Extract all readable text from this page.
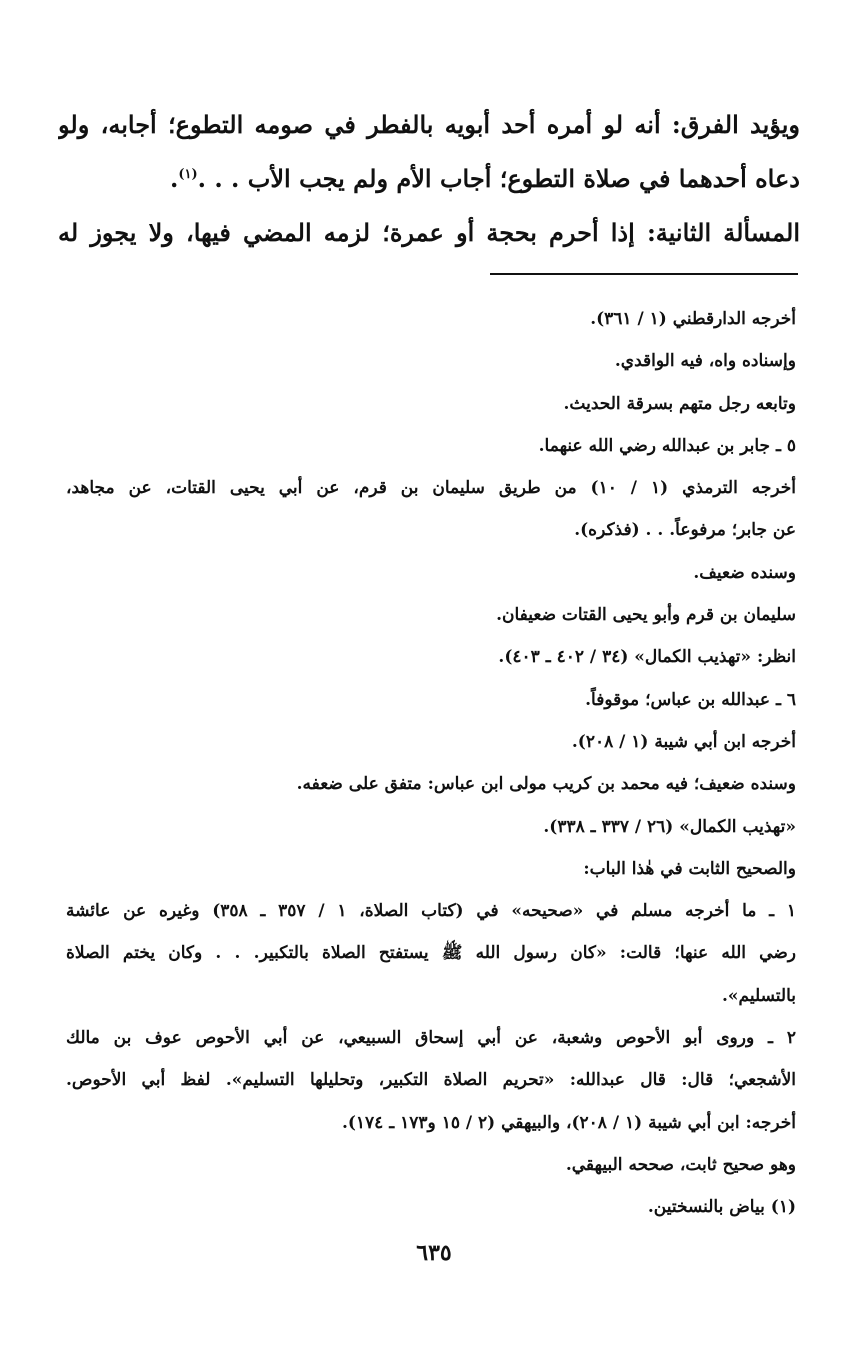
ويؤيد الفرق: أنه لو أمره أحد أبويه بالفطر في صومه التطوع؛ أجابه، ولو

دعاه أحدهما في صلاة التطوع؛ أجاب الأم ولم يجب الأب . . .$^{(١)}$.

المسألة الثانية: إذا أحرم بحجة أو عمرة؛ لزمه المضي فيها، ولا يجوز له

أخرجه الدارقطني (١ / ٣٦١).

وإسناده واه، فيه الواقدي.

وتابعه رجل متهم بسرقة الحديث.

٥ ـ جابر بن عبدالله رضي الله عنهما.

أخرجه الترمذي (١ / ١٠) من طريق سليمان بن قرم، عن أبي يحيى القتات، عن مجاهد،

عن جابر؛ مرفوعاً. . . (فذكره).

وسنده ضعيف.

سليمان بن قرم وأبو يحيى القتات ضعيفان.

انظر: «تهذيب الكمال» (٣٤ / ٤٠٢ ـ ٤٠٣).

٦ ـ عبدالله بن عباس؛ موقوفاً.

أخرجه ابن أبي شيبة (١ / ٢٠٨).

وسنده ضعيف؛ فيه محمد بن كريب مولى ابن عباس: متفق على ضعفه.

«تهذيب الكمال» (٢٦ / ٣٣٧ ـ ٣٣٨).

والصحيح الثابت في هٰذا الباب:

١ ـ ما أخرجه مسلم في «صحيحه» في (كتاب الصلاة، ١ / ٣٥٧ ـ ٣٥٨) وغيره عن عائشة

رضي الله عنها؛ قالت: «كان رسول الله ﷺ يستفتح الصلاة بالتكبير. . . وكان يختم الصلاة

بالتسليم».

٢ ـ وروى أبو الأحوص وشعبة، عن أبي إسحاق السبيعي، عن أبي الأحوص عوف بن مالك

الأشجعي؛ قال: قال عبدالله: «تحريم الصلاة التكبير، وتحليلها التسليم». لفظ أبي الأحوص.

أخرجه: ابن أبي شيبة (١ / ٢٠٨)، والبيهقي (٢ / ١٥ و١٧٣ ـ ١٧٤).

وهو صحيح ثابت، صححه البيهقي.

(١) بياض بالنسختين.

٦٣٥
